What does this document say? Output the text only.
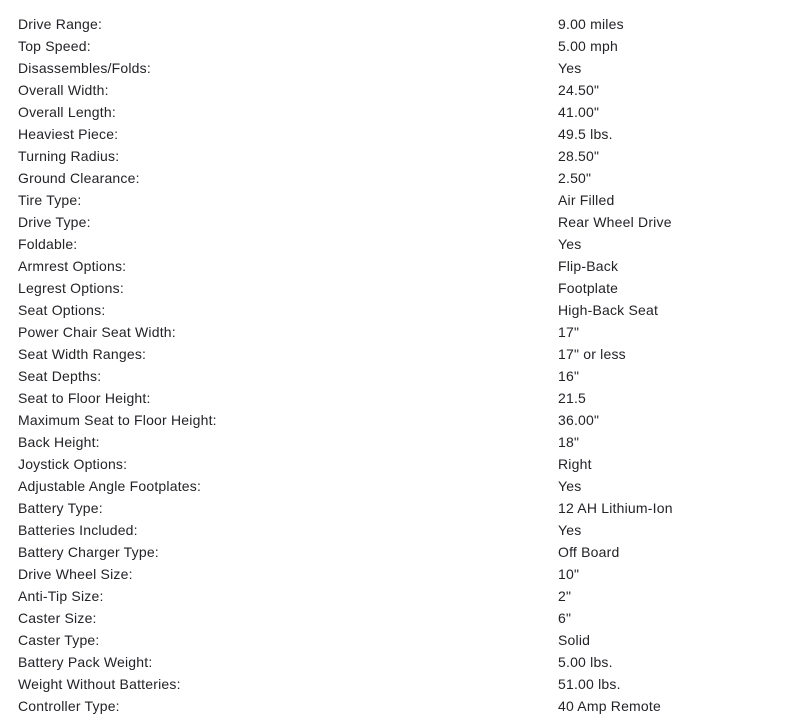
Drive Range:	9.00 miles
Top Speed:	5.00 mph
Disassembles/Folds:	Yes
Overall Width:	24.50"
Overall Length:	41.00"
Heaviest Piece:	49.5 lbs.
Turning Radius:	28.50"
Ground Clearance:	2.50"
Tire Type:	Air Filled
Drive Type:	Rear Wheel Drive
Foldable:	Yes
Armrest Options:	Flip-Back
Legrest Options:	Footplate
Seat Options:	High-Back Seat
Power Chair Seat Width:	17"
Seat Width Ranges:	17" or less
Seat Depths:	16"
Seat to Floor Height:	21.5
Maximum Seat to Floor Height:	36.00"
Back Height:	18"
Joystick Options:	Right
Adjustable Angle Footplates:	Yes
Battery Type:	12 AH Lithium-Ion
Batteries Included:	Yes
Battery Charger Type:	Off Board
Drive Wheel Size:	10"
Anti-Tip Size:	2"
Caster Size:	6"
Caster Type:	Solid
Battery Pack Weight:	5.00 lbs.
Weight Without Batteries:	51.00 lbs.
Controller Type:	40 Amp Remote
